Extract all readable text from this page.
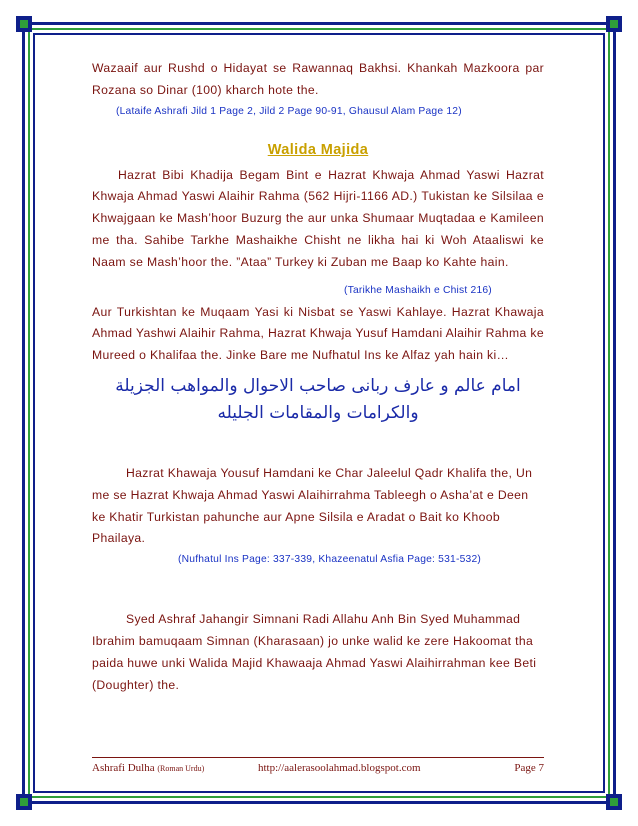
Wazaaif aur Rushd o Hidayat se Rawannaq Bakhsi. Khankah Mazkoora par Rozana so Dinar (100) kharch hote the.

(Lataife Ashrafi Jild 1 Page 2, Jild 2 Page 90-91, Ghausul Alam Page 12)

Walida Majida

Hazrat Bibi Khadija Begam Bint e Hazrat Khwaja Ahmad Yaswi Hazrat Khwaja Ahmad Yaswi Alaihir Rahma (562 Hijri-1166 AD.) Tukistan ke Silsilaa e Khwajgaan ke Mash’hoor Buzurg the aur unka Shumaar Muqtadaa e Kamileen me tha. Sahibe Tarkhe Mashaikhe Chisht ne likha hai ki Woh Ataaliswi ke Naam se Mash’hoor the. ”Ataa” Turkey ki Zuban me Baap ko Kahte hain.

(Tarikhe Mashaikh e Chist 216)

Aur Turkishtan ke Muqaam Yasi ki Nisbat se Yaswi Kahlaye. Hazrat Khawaja Ahmad Yashwi Alaihir Rahma, Hazrat Khwaja Yusuf Hamdani Alaihir Rahma ke Mureed o Khalifaa the. Jinke Bare me Nufhatul Ins ke Alfaz yah hain ki…

امام عالم و عارف ربانی صاحب الاحوال والمواهب الجزیلة

والکرامات والمقامات الجلیله

Hazrat Khawaja Yousuf Hamdani ke Char Jaleelul Qadr Khalifa the, Un me se Hazrat Khwaja Ahmad Yaswi Alaihirrahma Tableegh o Asha’at e Deen ke Khatir Turkistan pahunche aur Apne Silsila e Aradat o Bait ko Khoob Phailaya.

(Nufhatul Ins Page: 337-339, Khazeenatul Asfia Page: 531-532)

Syed Ashraf Jahangir Simnani Radi Allahu Anh Bin Syed Muhammad Ibrahim bamuqaam Simnan (Kharasaan) jo unke walid ke zere Hakoomat tha paida huwe unki Walida Majid Khawaaja Ahmad Yaswi Alaihirrahman kee Beti (Doughter) the.

Ashrafi Dulha (Roman Urdu)	http://aalerasoolahmad.blogspot.com	Page 7
